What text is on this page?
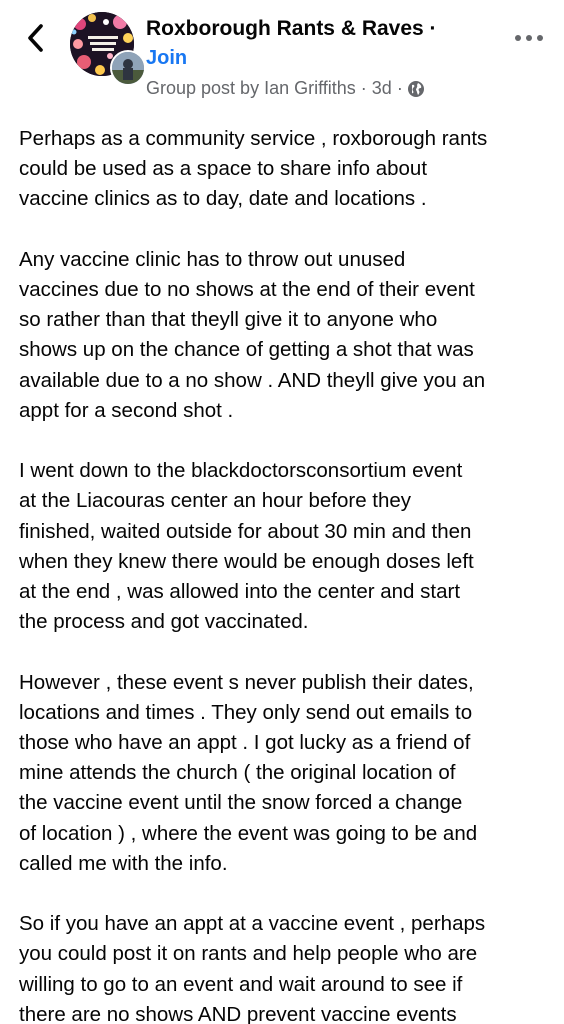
Roxborough Rants & Raves ·
Join
Group post by
Ian Griffiths · 3d ·

Perhaps as a community service , roxborough rants
could be used as a space to share info about
vaccine clinics as to day, date and locations .

Any vaccine clinic has to throw out unused
vaccines due to no shows at the end of their event
so rather than that theyll give it to anyone who
shows up on the chance of getting a shot that was
available due to a no show . AND theyll give you an
appt for a second shot .

I went down to the blackdoctorsconsortium event
at the Liacouras center an hour before they
finished, waited outside for about 30 min and then
when they knew there would be enough doses left
at the end , was allowed into the center and start
the process and got vaccinated.

However , these event s never publish their dates,
locations and times . They only send out emails to
those who have an appt . I got lucky as a friend of
mine attends the church ( the original location of
the vaccine event until the snow forced a change
of location ) , where the event was going to be and
called me with the info.

So if you have an appt at a vaccine event , perhaps
you could post it on rants and help people who are
willing to go to an event and wait around to see if
there are no shows AND prevent vaccine events
